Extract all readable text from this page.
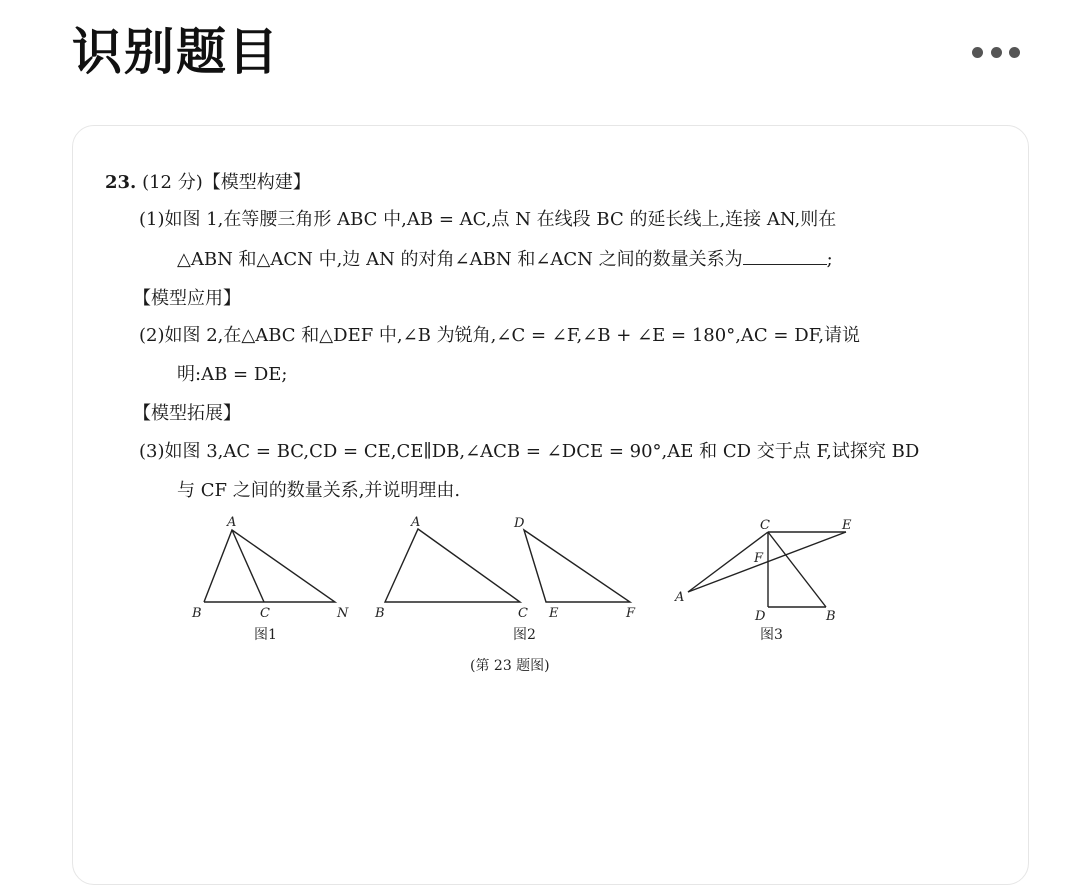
识别题目
23. (12 分)【模型构建】
(1)如图 1,在等腰三角形 ABC 中,AB = AC,点 N 在线段 BC 的延长线上,连接 AN,则在
△ABN 和△ACN 中,边 AN 的对角∠ABN 和∠ACN 之间的数量关系为	;
【模型应用】
(2)如图 2,在△ABC 和△DEF 中,∠B 为锐角,∠C = ∠F,∠B + ∠E = 180°,AC = DF,请说
明:AB = DE;
【模型拓展】
(3)如图 3,AC = BC,CD = CE,CE∥DB,∠ACB = ∠DCE = 90°,AE 和 CD 交于点 F,试探究 BD
与 CF 之间的数量关系,并说明理由.
A
B	C	N
A
B	C
D
E	F
C	E
F
A
D	B
图1	图2	图3
(第 23 题图)
